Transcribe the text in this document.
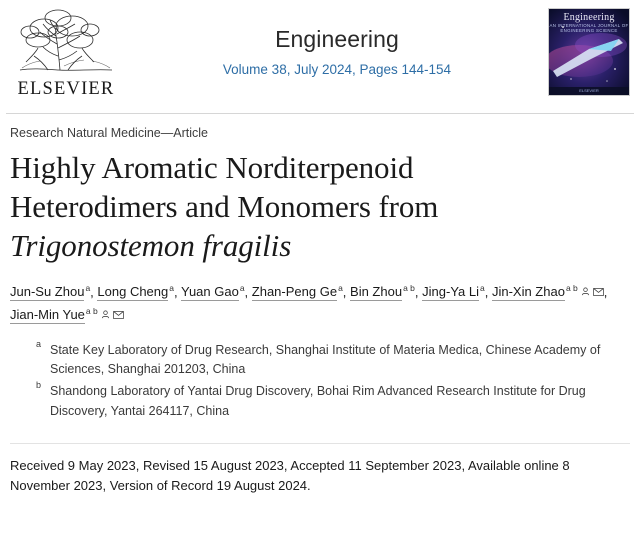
ELSEVIER
Engineering
Volume 38, July 2024, Pages 144-154
Engineering
AN INTERNATIONAL JOURNAL OF ENGINEERING SCIENCE
ELSEVIER
Research Natural Medicine—Article
Highly Aromatic Norditerpenoid
Heterodimers and Monomers from
Trigonostemon fragilis
Jun-Su Zhou$^a$, Long Cheng$^a$, Yuan Gao$^a$, Zhan-Peng Ge$^a$, Bin Zhou$^{a b}$, Jing-Ya Li$^a$, Jin-Xin Zhao$^{a b}$ , Jian-Min Yue$^{a b}$
a State Key Laboratory of Drug Research, Shanghai Institute of Materia Medica, Chinese Academy of Sciences, Shanghai 201203, China
b Shandong Laboratory of Yantai Drug Discovery, Bohai Rim Advanced Research Institute for Drug Discovery, Yantai 264117, China
Received 9 May 2023, Revised 15 August 2023, Accepted 11 September 2023, Available online 8 November 2023, Version of Record 19 August 2024.
